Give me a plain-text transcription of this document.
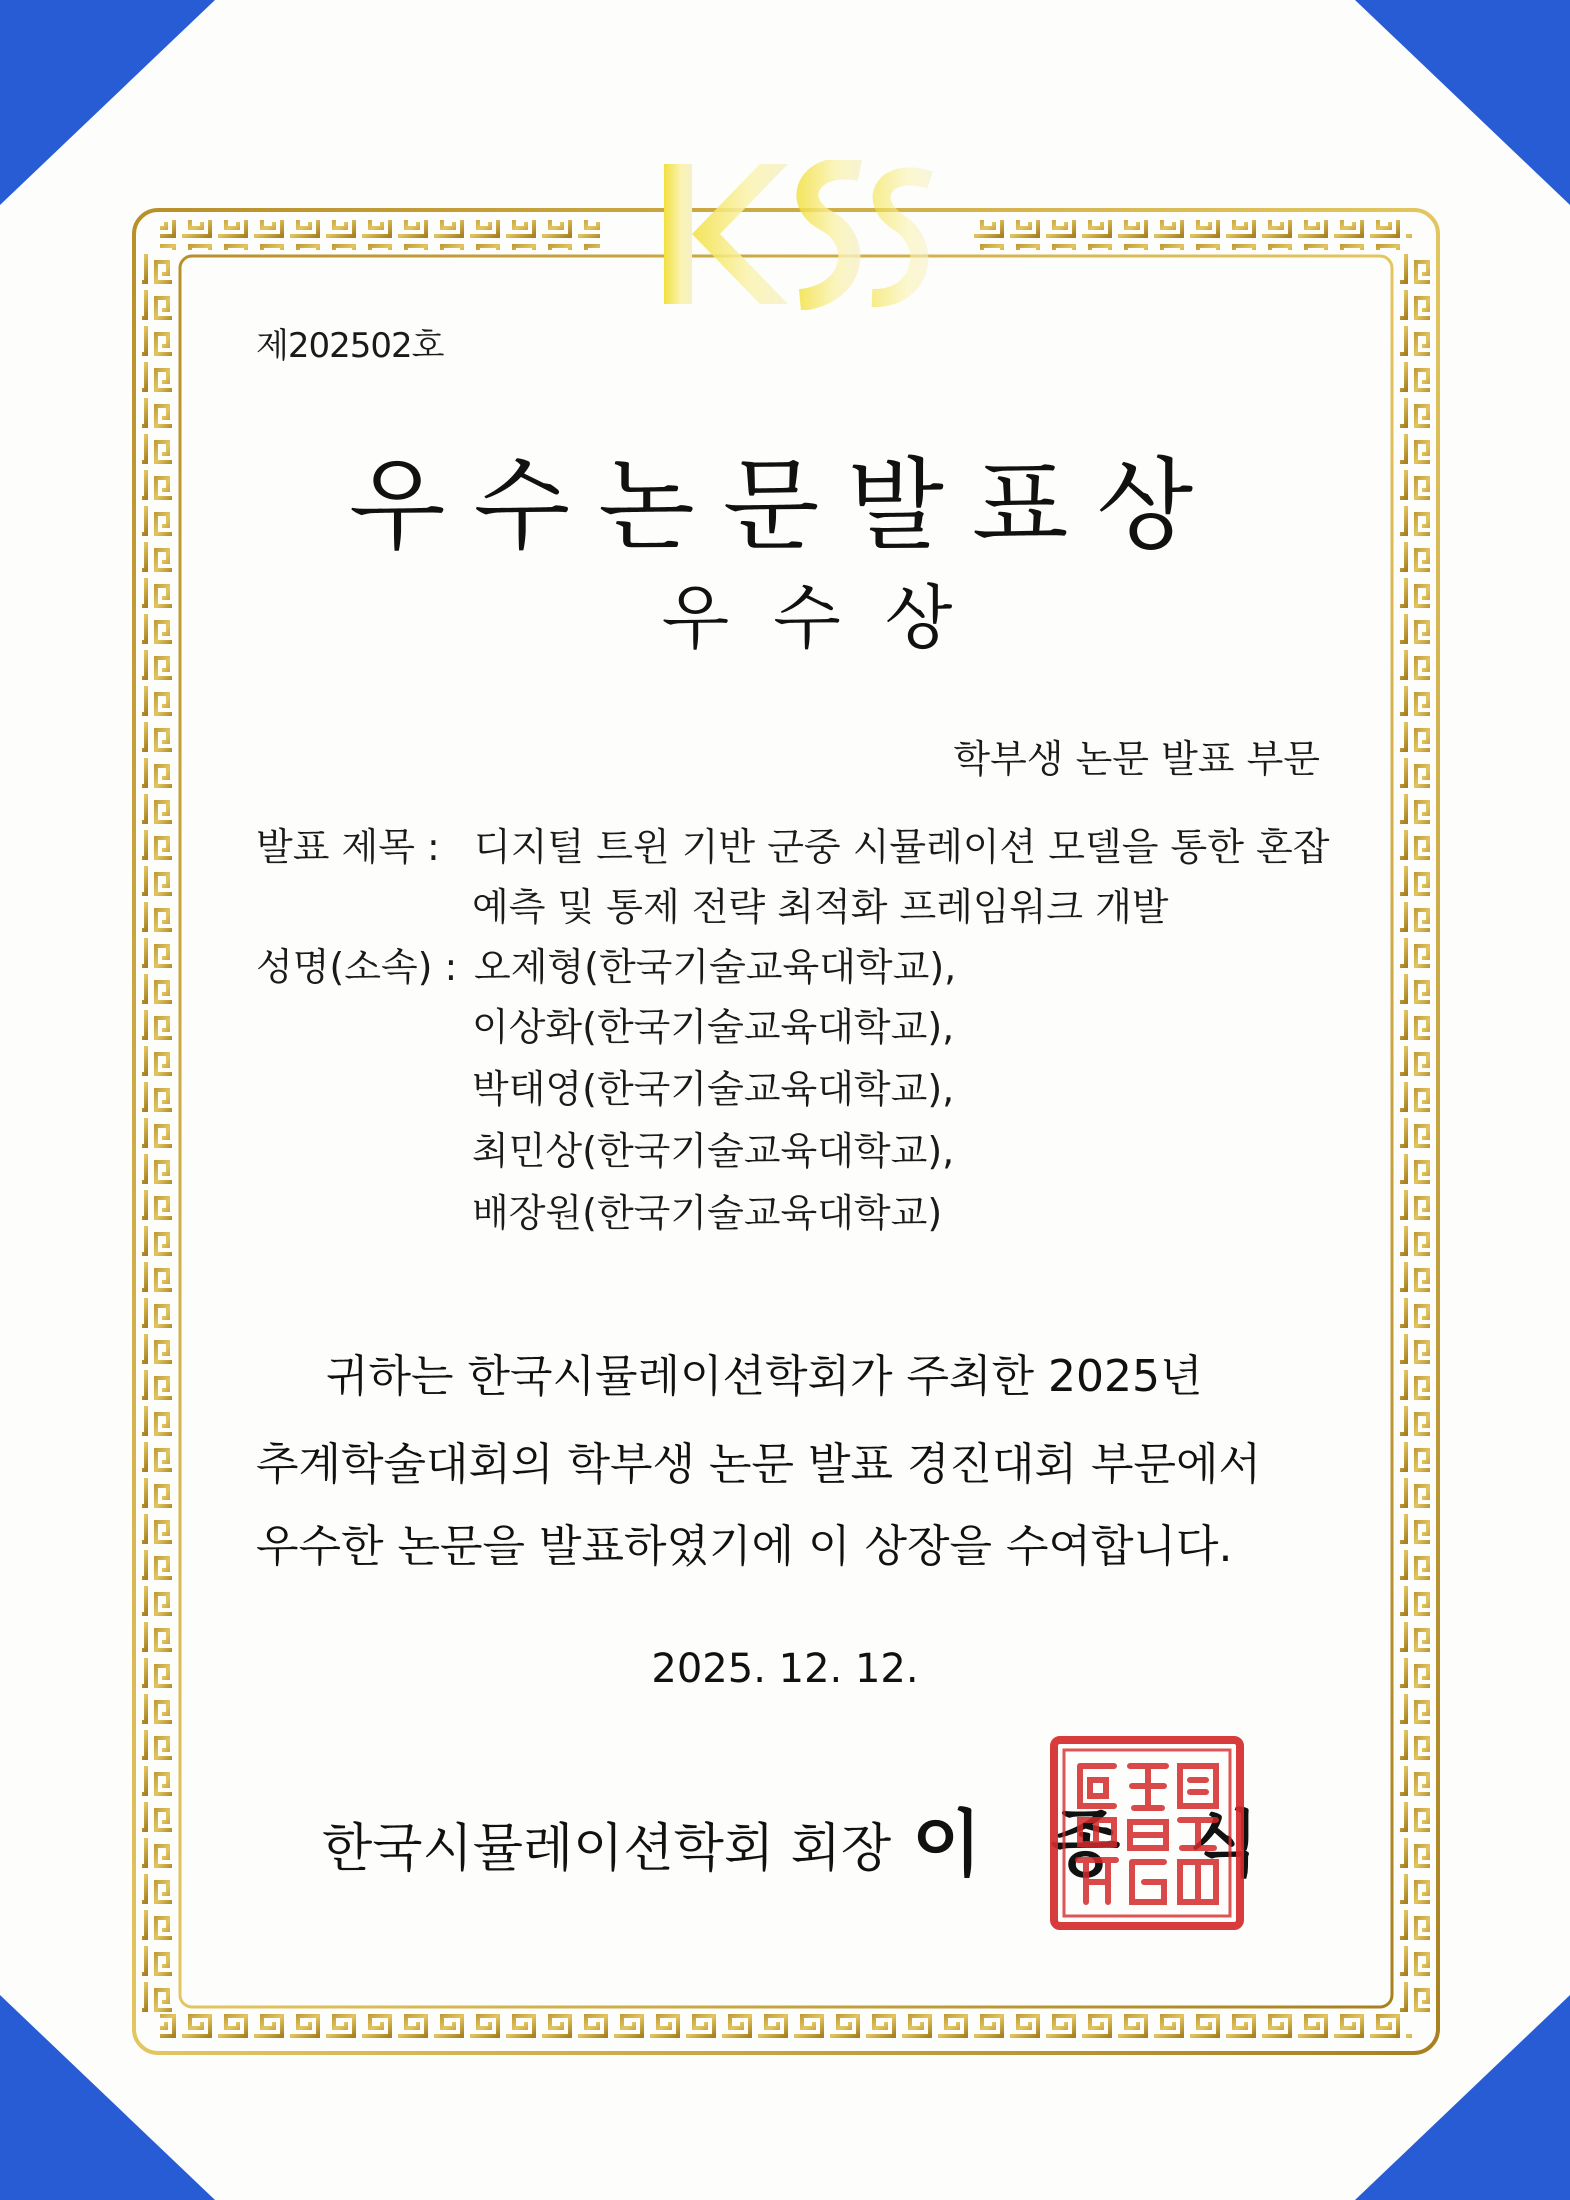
제202502호
우수논문발표상
우수상
학부생 논문 발표 부문
발표 제목 : 디지털 트윈 기반 군중 시뮬레이션 모델을 통한 혼잡
예측 및 통제 전략 최적화 프레임워크 개발
성명(소속) : 오제형(한국기술교육대학교),
이상화(한국기술교육대학교),
박태영(한국기술교육대학교),
최민상(한국기술교육대학교),
배장원(한국기술교육대학교)
귀하는 한국시뮬레이션학회가 주최한 2025년
추계학술대회의 학부생 논문 발표 경진대회 부문에서
우수한 논문을 발표하였기에 이 상장을 수여합니다.
2025. 12. 12.
한국시뮬레이션학회 회장 이 종 식
